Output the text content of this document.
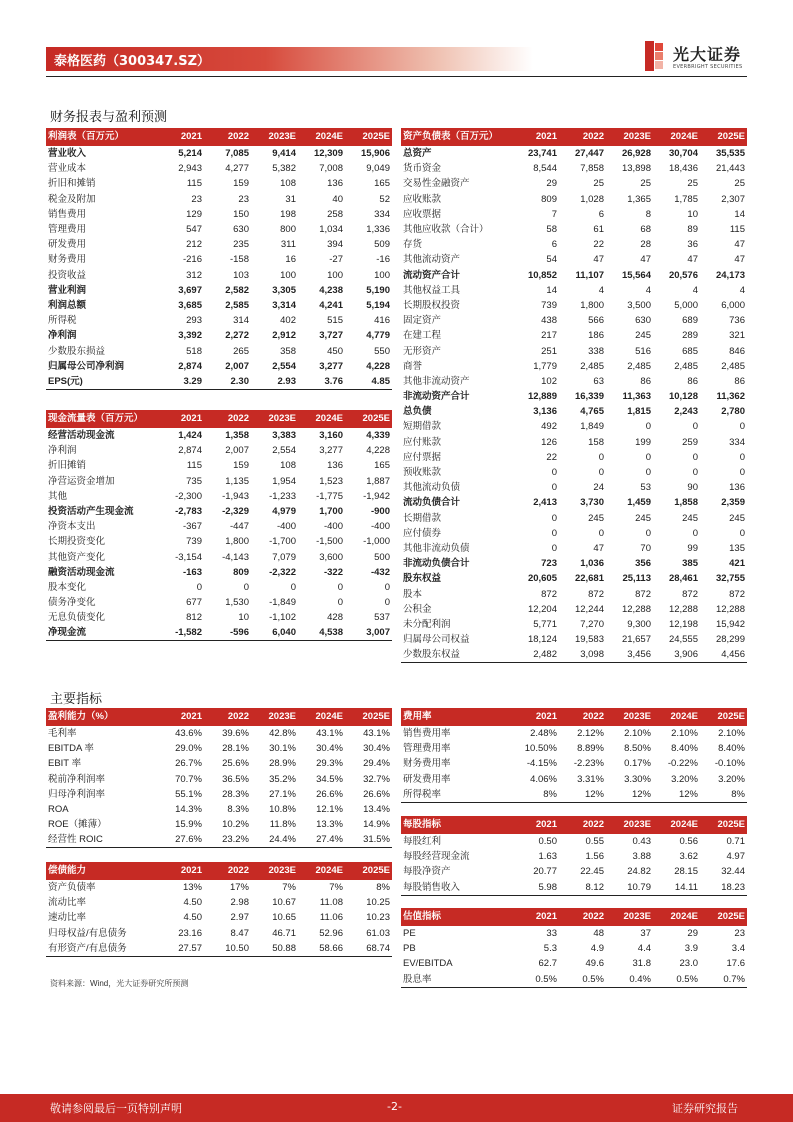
泰格医药（300347.SZ）	光大证券
EVERBRIGHT SECURITIES
财务报表与盈利预测
利润表（百万元）	2021	2022	2023E	2024E	2025E
营业收入	5,214	7,085	9,414	12,309	15,906
营业成本	2,943	4,277	5,382	7,008	9,049
折旧和摊销	115	159	108	136	165
税金及附加	23	23	31	40	52
销售费用	129	150	198	258	334
管理费用	547	630	800	1,034	1,336
研发费用	212	235	311	394	509
财务费用	-216	-158	16	-27	-16
投资收益	312	103	100	100	100
营业利润	3,697	2,582	3,305	4,238	5,190
利润总额	3,685	2,585	3,314	4,241	5,194
所得税	293	314	402	515	416
净利润	3,392	2,272	2,912	3,727	4,779
少数股东损益	518	265	358	450	550
归属母公司净利润	2,874	2,007	2,554	3,277	4,228
EPS(元)	3.29	2.30	2.93	3.76	4.85
现金流量表（百万元）	2021	2022	2023E	2024E	2025E
经营活动现金流	1,424	1,358	3,383	3,160	4,339
净利润	2,874	2,007	2,554	3,277	4,228
折旧摊销	115	159	108	136	165
净营运资金增加	735	1,135	1,954	1,523	1,887
其他	-2,300	-1,943	-1,233	-1,775	-1,942
投资活动产生现金流	-2,783	-2,329	4,979	1,700	-900
净资本支出	-367	-447	-400	-400	-400
长期投资变化	739	1,800	-1,700	-1,500	-1,000
其他资产变化	-3,154	-4,143	7,079	3,600	500
融资活动现金流	-163	809	-2,322	-322	-432
股本变化	0	0	0	0	0
债务净变化	677	1,530	-1,849	0	0
无息负债变化	812	10	-1,102	428	537
净现金流	-1,582	-596	6,040	4,538	3,007
资产负债表（百万元）	2021	2022	2023E	2024E	2025E
总资产	23,741	27,447	26,928	30,704	35,535
货币资金	8,544	7,858	13,898	18,436	21,443
交易性金融资产	29	25	25	25	25
应收账款	809	1,028	1,365	1,785	2,307
应收票据	7	6	8	10	14
其他应收款（合计）	58	61	68	89	115
存货	6	22	28	36	47
其他流动资产	54	47	47	47	47
流动资产合计	10,852	11,107	15,564	20,576	24,173
其他权益工具	14	4	4	4	4
长期股权投资	739	1,800	3,500	5,000	6,000
固定资产	438	566	630	689	736
在建工程	217	186	245	289	321
无形资产	251	338	516	685	846
商誉	1,779	2,485	2,485	2,485	2,485
其他非流动资产	102	63	86	86	86
非流动资产合计	12,889	16,339	11,363	10,128	11,362
总负债	3,136	4,765	1,815	2,243	2,780
短期借款	492	1,849	0	0	0
应付账款	126	158	199	259	334
应付票据	22	0	0	0	0
预收账款	0	0	0	0	0
其他流动负债	0	24	53	90	136
流动负债合计	2,413	3,730	1,459	1,858	2,359
长期借款	0	245	245	245	245
应付债券	0	0	0	0	0
其他非流动负债	0	47	70	99	135
非流动负债合计	723	1,036	356	385	421
股东权益	20,605	22,681	25,113	28,461	32,755
股本	872	872	872	872	872
公积金	12,204	12,244	12,288	12,288	12,288
未分配利润	5,771	7,270	9,300	12,198	15,942
归属母公司权益	18,124	19,583	21,657	24,555	28,299
少数股东权益	2,482	3,098	3,456	3,906	4,456
主要指标
盈利能力（%）	2021	2022	2023E	2024E	2025E
毛利率	43.6%	39.6%	42.8%	43.1%	43.1%
EBITDA 率	29.0%	28.1%	30.1%	30.4%	30.4%
EBIT 率	26.7%	25.6%	28.9%	29.3%	29.4%
税前净利润率	70.7%	36.5%	35.2%	34.5%	32.7%
归母净利润率	55.1%	28.3%	27.1%	26.6%	26.6%
ROA	14.3%	8.3%	10.8%	12.1%	13.4%
ROE（摊薄）	15.9%	10.2%	11.8%	13.3%	14.9%
经营性 ROIC	27.6%	23.2%	24.4%	27.4%	31.5%
偿债能力	2021	2022	2023E	2024E	2025E
资产负债率	13%	17%	7%	7%	8%
流动比率	4.50	2.98	10.67	11.08	10.25
速动比率	4.50	2.97	10.65	11.06	10.23
归母权益/有息债务	23.16	8.47	46.71	52.96	61.03
有形资产/有息债务	27.57	10.50	50.88	58.66	68.74
费用率	2021	2022	2023E	2024E	2025E
销售费用率	2.48%	2.12%	2.10%	2.10%	2.10%
管理费用率	10.50%	8.89%	8.50%	8.40%	8.40%
财务费用率	-4.15%	-2.23%	0.17%	-0.22%	-0.10%
研发费用率	4.06%	3.31%	3.30%	3.20%	3.20%
所得税率	8%	12%	12%	12%	8%
每股指标	2021	2022	2023E	2024E	2025E
每股红利	0.50	0.55	0.43	0.56	0.71
每股经营现金流	1.63	1.56	3.88	3.62	4.97
每股净资产	20.77	22.45	24.82	28.15	32.44
每股销售收入	5.98	8.12	10.79	14.11	18.23
估值指标	2021	2022	2023E	2024E	2025E
PE	33	48	37	29	23
PB	5.3	4.9	4.4	3.9	3.4
EV/EBITDA	62.7	49.6	31.8	23.0	17.6
股息率	0.5%	0.5%	0.4%	0.5%	0.7%
资料来源：Wind，光大证券研究所预测
敬请参阅最后一页特别声明	-2-	证券研究报告
